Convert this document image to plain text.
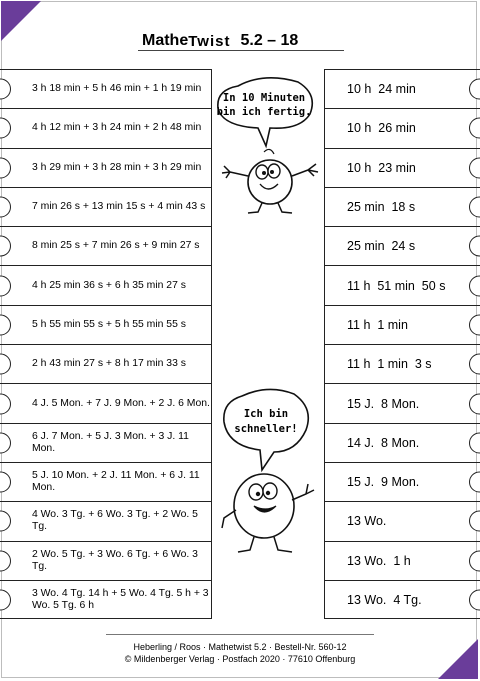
Mathe Twist 5.2 – 18
3 h 18 min + 5 h 46 min + 1 h 19 min
4 h 12 min + 3 h 24 min + 2 h 48 min
3 h 29 min + 3 h 28 min + 3 h 29 min
7 min 26 s + 13 min 15 s + 4 min 43 s
8 min 25 s + 7 min 26 s + 9 min 27 s
4 h 25 min 36 s + 6 h 35 min 27 s
5 h 55 min 55 s + 5 h 55 min 55 s
2 h 43 min 27 s + 8 h 17 min 33 s
4 J. 5 Mon. + 7 J. 9 Mon. + 2 J. 6 Mon.
6 J. 7 Mon. + 5 J. 3 Mon. + 3 J. 11 Mon.
5 J. 10 Mon. + 2 J. 11 Mon. + 6 J. 11 Mon.
4 Wo. 3 Tg. + 6 Wo. 3 Tg. + 2 Wo. 5 Tg.
2 Wo. 5 Tg. + 3 Wo. 6 Tg. + 6 Wo. 3 Tg.
3 Wo. 4 Tg. 14 h + 5 Wo. 4 Tg. 5 h + 3 Wo. 5 Tg. 6 h
10 h  24 min
10 h  26 min
10 h  23 min
25 min  18 s
25 min  24 s
11 h  51 min  50 s
11 h  1 min
11 h  1 min  3 s
15 J.  8 Mon.
14 J.  8 Mon.
15 J.  9 Mon.
13 Wo.
13 Wo.  1 h
13 Wo.  4 Tg.
In 10 Minuten
bin ich fertig.
Ich bin
schneller!
Heberling / Roos · Mathetwist 5.2 · Bestell-Nr. 560-12
© Mildenberger Verlag · Postfach 2020 · 77610 Offenburg
